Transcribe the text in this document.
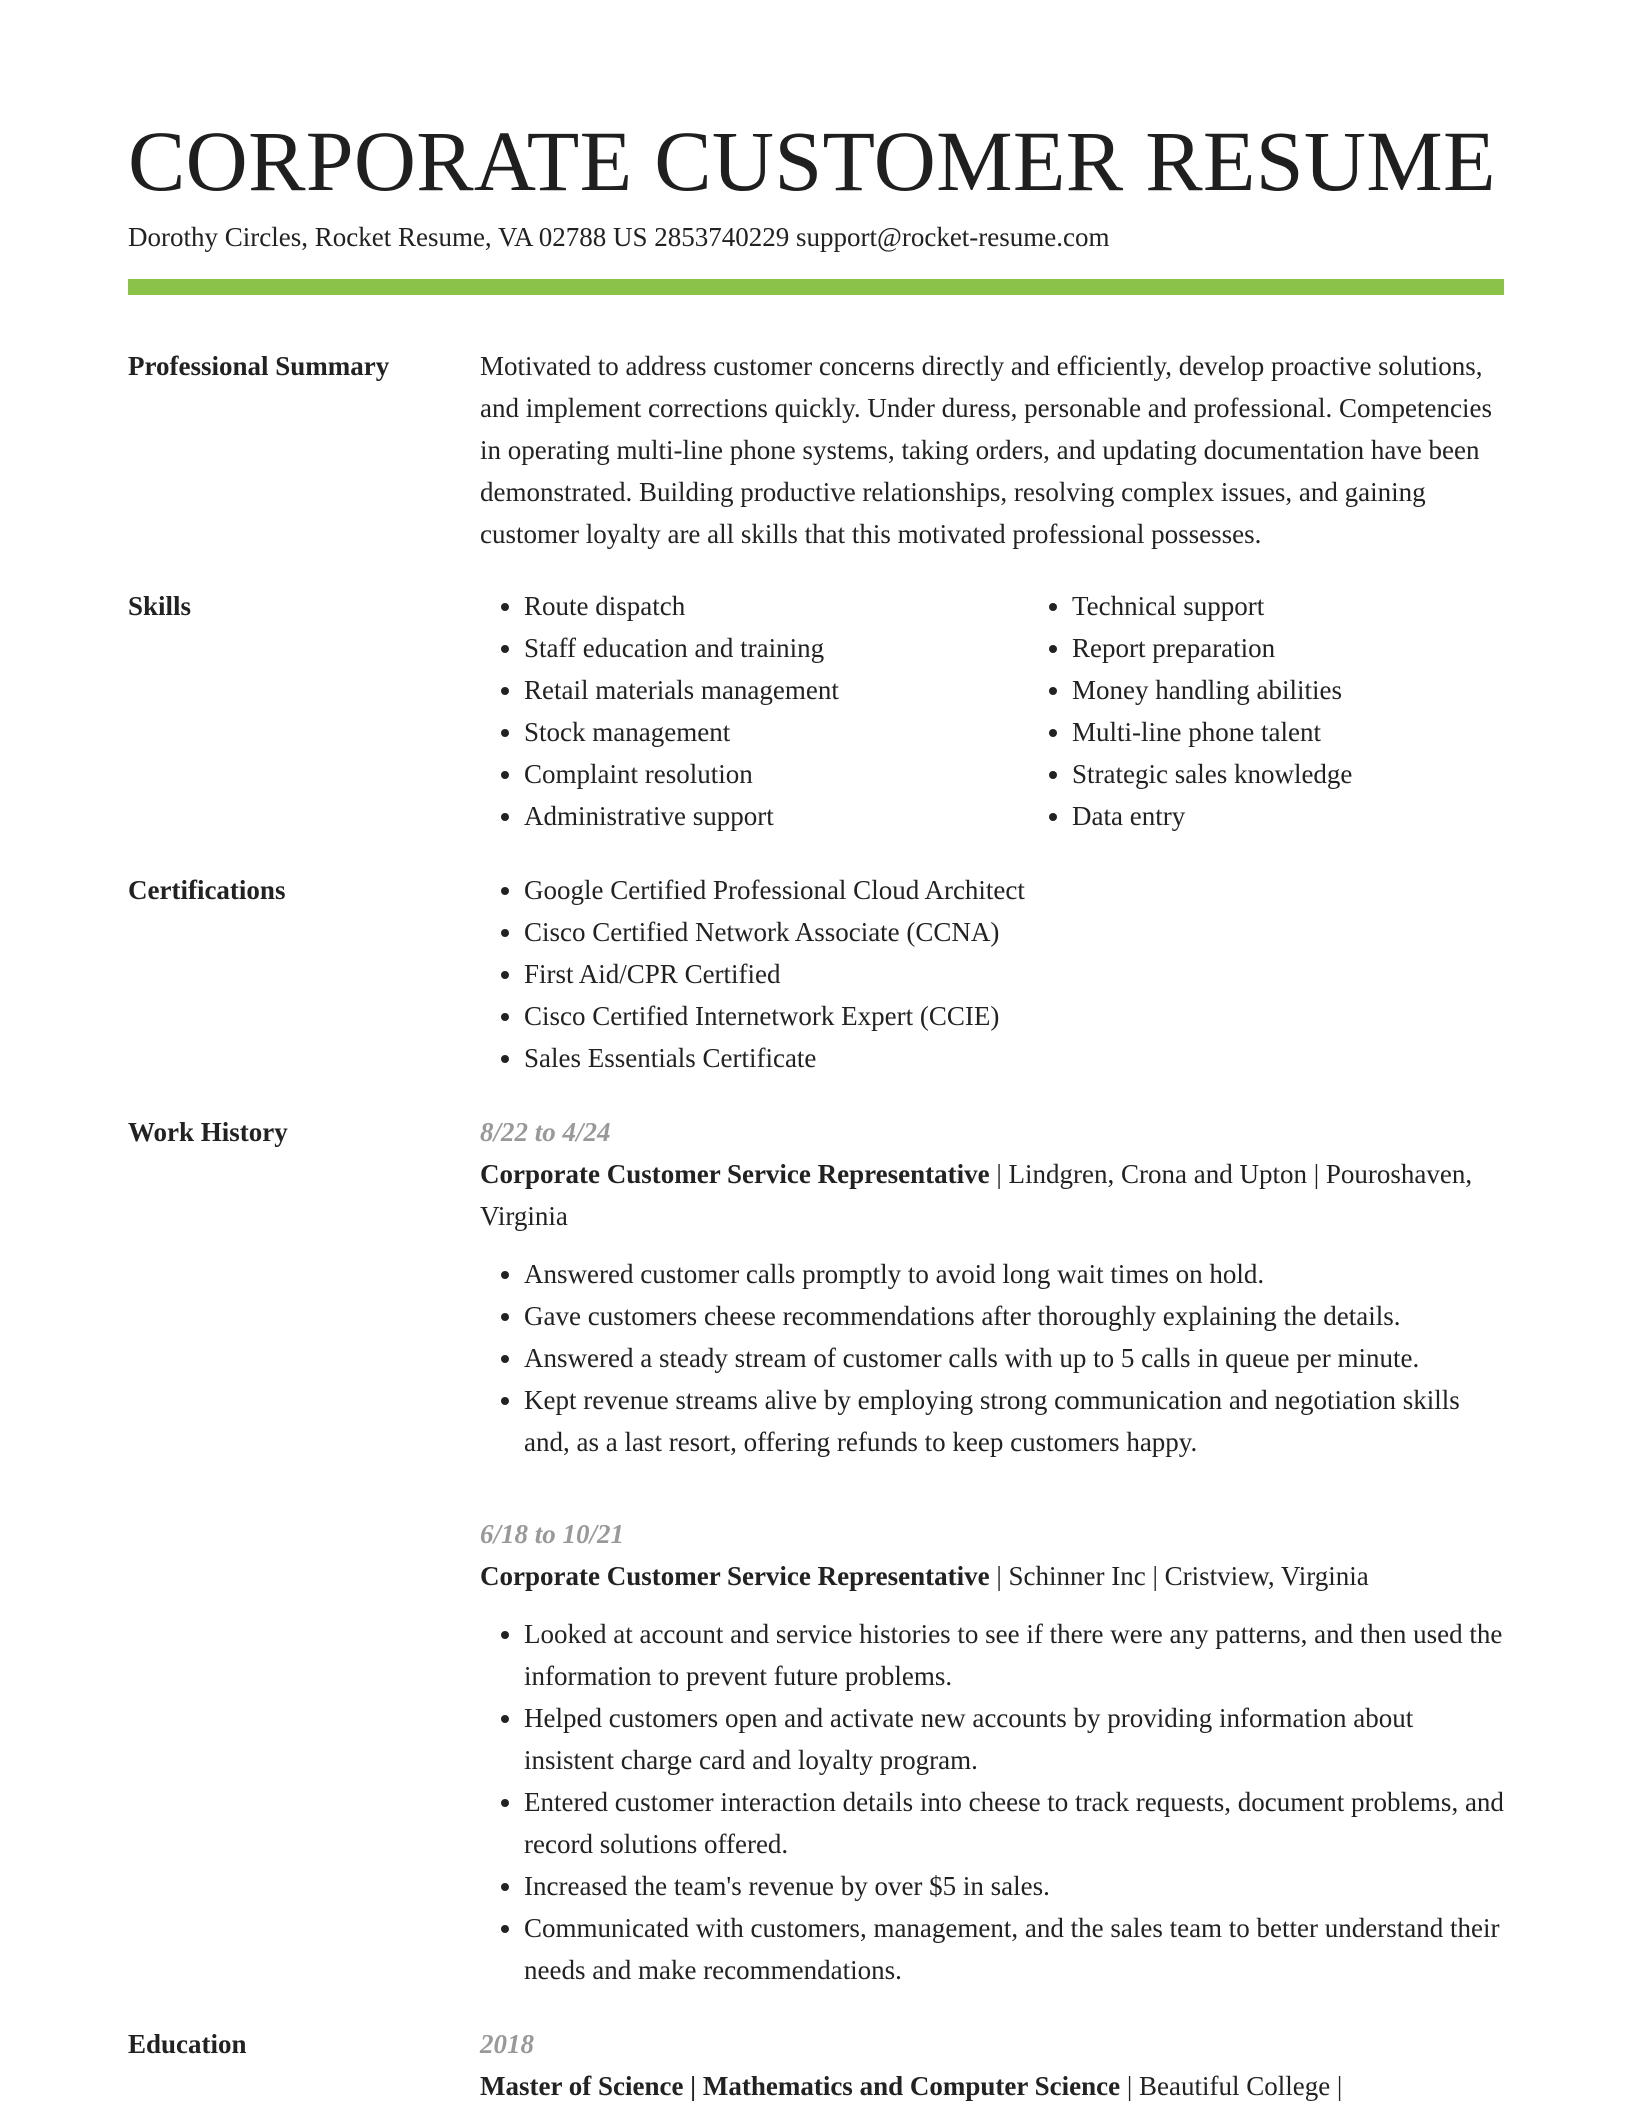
CORPORATE CUSTOMER RESUME
Dorothy Circles, Rocket Resume, VA 02788 US 2853740229 support@rocket-resume.com
Professional Summary	Motivated to address customer concerns directly and efficiently, develop proactive solutions, and implement corrections quickly. Under duress, personable and professional. Competencies in operating multi-line phone systems, taking orders, and updating documentation have been demonstrated. Building productive relationships, resolving complex issues, and gaining customer loyalty are all skills that this motivated professional possesses.

Skills	• Route dispatch
• Staff education and training
• Retail materials management
• Stock management
• Complaint resolution
• Administrative support
• Technical support
• Report preparation
• Money handling abilities
• Multi-line phone talent
• Strategic sales knowledge
• Data entry
Certifications	• Google Certified Professional Cloud Architect
• Cisco Certified Network Associate (CCNA)
• First Aid/CPR Certified
• Cisco Certified Internetwork Expert (CCIE)
• Sales Essentials Certificate
Work History	8/22 to 4/24
Corporate Customer Service Representative | Lindgren, Crona and Upton | Pouroshaven, Virginia
• Answered customer calls promptly to avoid long wait times on hold.
• Gave customers cheese recommendations after thoroughly explaining the details.
• Answered a steady stream of customer calls with up to 5 calls in queue per minute.
• Kept revenue streams alive by employing strong communication and negotiation skills and, as a last resort, offering refunds to keep customers happy.
6/18 to 10/21
Corporate Customer Service Representative | Schinner Inc | Cristview, Virginia
• Looked at account and service histories to see if there were any patterns, and then used the information to prevent future problems.
• Helped customers open and activate new accounts by providing information about insistent charge card and loyalty program.
• Entered customer interaction details into cheese to track requests, document problems, and record solutions offered.
• Increased the team's revenue by over $5 in sales.
• Communicated with customers, management, and the sales team to better understand their needs and make recommendations.
Education	2018
Master of Science | Mathematics and Computer Science | Beautiful College |
